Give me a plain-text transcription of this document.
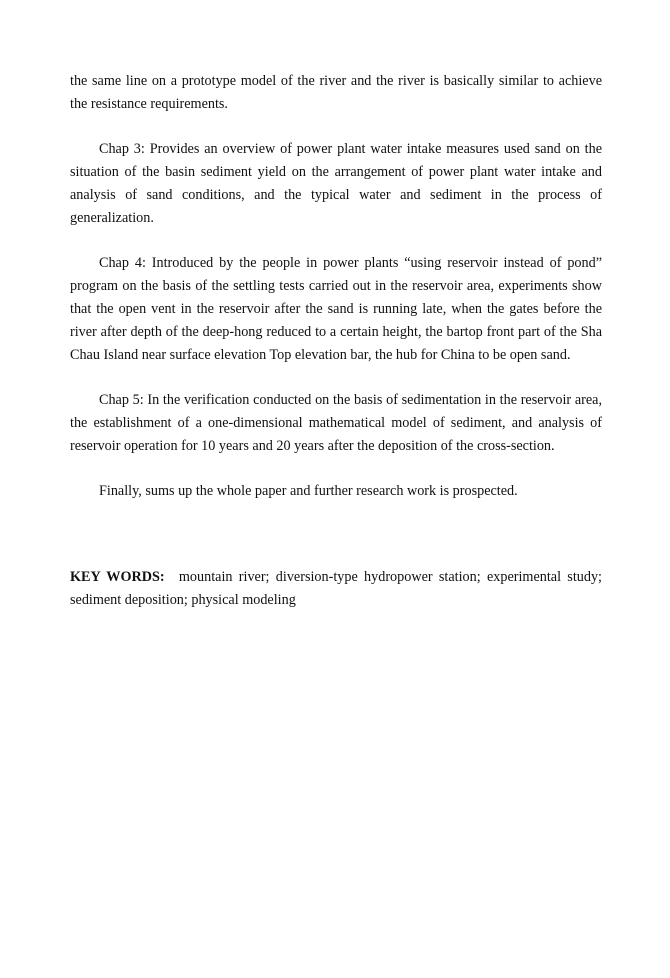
the same line on a prototype model of the river and the river is basically similar to achieve the resistance requirements.

Chap 3: Provides an overview of power plant water intake measures used sand on the situation of the basin sediment yield on the arrangement of power plant water intake and analysis of sand conditions, and the typical water and sediment in the process of generalization.

Chap 4: Introduced by the people in power plants “using reservoir instead of pond” program on the basis of the settling tests carried out in the reservoir area, experiments show that the open vent in the reservoir after the sand is running late, when the gates before the river after depth of the deep-hong reduced to a certain height, the bartop front part of the Sha Chau Island near surface elevation Top elevation bar, the hub for China to be open sand.

Chap 5: In the verification conducted on the basis of sedimentation in the reservoir area, the establishment of a one-dimensional mathematical model of sediment, and analysis of reservoir operation for 10 years and 20 years after the deposition of the cross-section.

Finally, sums up the whole paper and further research work is prospected.

KEY WORDS: mountain river; diversion-type hydropower station; experimental study; sediment deposition; physical modeling
